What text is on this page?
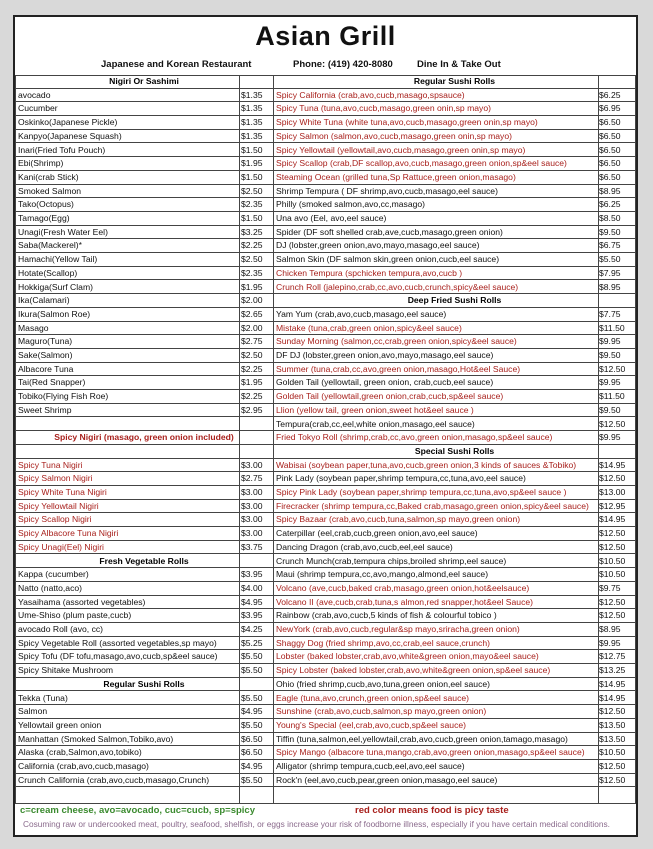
Asian Grill
Japanese and Korean Restaurant	Phone: (419) 420-8080	Dine In & Take Out
Nigiri Or Sashimi
avocado	$1.35
Cucumber	$1.35
Oskinko(Japanese Pickle)	$1.35
Kanpyo(Japanese Squash)	$1.35
Inari(Fried Tofu Pouch)	$1.50
Ebi(Shrimp)	$1.95
Kani(crab Stick)	$1.50
Smoked Salmon	$2.50
Tako(Octopus)	$2.35
Tamago(Egg)	$1.50
Unagi(Fresh Water Eel)	$3.25
Saba(Mackerel)*	$2.25
Hamachi(Yellow Tail)	$2.50
Hotate(Scallop)	$2.35
Hokkiga(Surf Clam)	$1.95
Ika(Calamari)	$2.00
Ikura(Salmon Roe)	$2.65
Masago	$2.00
Maguro(Tuna)	$2.75
Sake(Salmon)	$2.50
Albacore Tuna	$2.25
Tai(Red Snapper)	$1.95
Tobiko(Flying Fish Roe)	$2.25
Sweet Shrimp	$2.95
Spicy Nigiri (masago, green onion included)
Spicy Tuna Nigiri	$3.00
Spicy Salmon Nigiri	$2.75
Spicy White Tuna Nigiri	$3.00
Spicy Yellowtail Nigiri	$3.00
Spicy Scallop Nigiri	$3.00
Spicy Albacore Tuna Nigiri	$3.00
Spicy Unagi(Eel) Nigiri	$3.75
Fresh Vegetable Rolls
Kappa (cucumber)	$3.95
Natto (natto,aco)	$4.00
Yasaihama (assorted vegetables)	$4.95
Ume-Shiso (plum paste,cucb)	$3.95
avocado Roll (avo, cc)	$4.25
Spicy Vegetable Roll (assorted vegetables,sp mayo)	$5.25
Spicy Tofu (DF tofu,masago,avo,cucb,sp&eel sauce)	$5.50
Spicy Shitake Mushroom	$5.50
Regular Sushi Rolls
Tekka (Tuna)	$5.50
Salmon	$4.95
Yellowtail green onion	$5.50
Manhattan (Smoked Salmon,Tobiko,avo)	$6.50
Alaska (crab,Salmon,avo,tobiko)	$6.50
California (crab,avo,cucb,masago)	$4.95
Crunch California (crab,avo,cucb,masago,Crunch)	$5.50
Regular Sushi Rolls
Spicy California (crab,avo,cucb,masago,spsauce)	$6.25
Spicy Tuna (tuna,avo,cucb,masago,green onin,sp mayo)	$6.95
Spicy White Tuna (white tuna,avo,cucb,masago,green onin,sp mayo)	$6.50
Spicy Salmon (salmon,avo,cucb,masago,green onin,sp mayo)	$6.50
Spicy Yellowtail (yellowtail,avo,cucb,masago,green onin,sp mayo)	$6.50
Spicy Scallop (crab,DF scallop,avo,cucb,masago,green onion,sp&eel sauce)	$6.50
Steaming Ocean (grilled tuna,Sp Rattuce,green onion,masago)	$6.50
Shrimp Tempura ( DF shrimp,avo,cucb,masago,eel sauce)	$8.95
Philly (smoked salmon,avo,cc,masago)	$6.25
Una avo (Eel, avo,eel sauce)	$8.50
Spider (DF soft shelled crab,ave,cucb,masago,green onion)	$9.50
DJ (lobster,green onion,avo,mayo,masago,eel sauce)	$6.75
Salmon Skin (DF salmon skin,green onion,cucb,eel sauce)	$5.50
Chicken Tempura (spchicken tempura,avo,cucb )	$7.95
Crunch Roll (jalepino,crab,cc,avo,cucb,crunch,spicy&eel sauce)	$8.95
Deep Fried Sushi Rolls
Yam Yum (crab,avo,cucb,masago,eel sauce)	$7.75
Mistake (tuna,crab,green onion,spicy&eel sauce)	$11.50
Sunday Morning (salmon,cc,crab,green onion,spicy&eel sauce)	$9.95
DF DJ (lobster,green onion,avo,mayo,masago,eel sauce)	$9.50
Summer (tuna,crab,cc,avo,green onion,masago,Hot&eel Sauce)	$12.50
Golden Tail (yellowtail, green onion, crab,cucb,eel sauce)	$9.95
Golden Tail (yellowtail,green onion,crab,cucb,sp&eel sauce)	$11.50
Llion (yellow tail, green onion,sweet hot&eel sauce )	$9.50
Tempura(crab,cc,eel,white onion,masago,eel sauce)	$12.50
Fried Tokyo Roll (shrimp,crab,cc,avo,green onion,masago,sp&eel sauce)	$9.95
Special Sushi Rolls
Wabisai (soybean paper,tuna,avo,cucb,green onion,3 kinds of sauces &Tobiko)	$14.95
Pink Lady (soybean paper,shrimp tempura,cc,tuna,avo,eel sauce)	$12.50
Spicy Pink Lady (soybean paper,shrimp tempura,cc,tuna,avo,sp&eel sauce )	$13.00
Firecracker (shrimp tempura,cc,Baked crab,masago,green onion,spicy&eel sauce) $12.95
Spicy Bazaar (crab,avo,cucb,tuna,salmon,sp mayo,green onion)	$14.95
Caterpillar (eel,crab,cucb,green onion,avo,eel sauce)	$12.50
Dancing Dragon (crab,avo,cucb,eel,eel sauce)	$12.50
Crunch Munch(crab,tempura chips,broiled shrimp,eel sauce)	$10.50
Maui (shrimp tempura,cc,avo,mango,almond,eel sauce)	$10.50
Volcano (ave,cucb,baked crab,masago,green onion,hot&eelsauce)	$9.75
Volcano II (ave,cucb,crab,tuna,s almon,red snapper,hot&eel Sauce)	$12.50
Rainbow (crab,avo,cucb,5 kinds of fish & colourful tobico )	$12.50
NewYork (crab,avo,cucb,regular&sp mayo,sriracha,green onion)	$8.95
Shaggy Dog (fried shrimp,avo,cc,crab,eel sauce,crunch)	$9.95
Lobster (baked lobster,crab,avo,white&green onion,mayo&eel sauce)	$12.75
Spicy Lobster (baked lobster,crab,avo,white&green onion,sp&eel sauce)	$13.25
Ohio (fried shrimp,cucb,avo,tuna,green onion,eel sauce)	$14.95
Eagle (tuna,avo,crunch,green onion,sp&eel sauce)	$14.95
Sunshine (crab,avo,cucb,salmon,sp mayo,green onion)	$12.50
Young's Special (eel,crab,avo,cucb,sp&eel sauce)	$13.50
Tiffin (tuna,salmon,eel,yellowtail,crab,avo,cucb,green onion,tamago,masago)	$13.50
Spicy Mango (albacore tuna,mango,crab,avo,green onion,masago,sp&eel sauce)	$10.50
Alligator (shrimp tempura,cucb,eel,avo,eel sauce)	$12.50
Rock'n (eel,avo,cucb,pear,green onion,masago,eel sauce)	$12.50
c=cream cheese, avo=avocado, cuc=cucb, sp=spicy	red color means food is picy taste
Cosuming raw or undercooked meat, poultry, seafood, shelfish, or eggs increase your risk of foodborne illness, especially if you have certain medical conditions.
